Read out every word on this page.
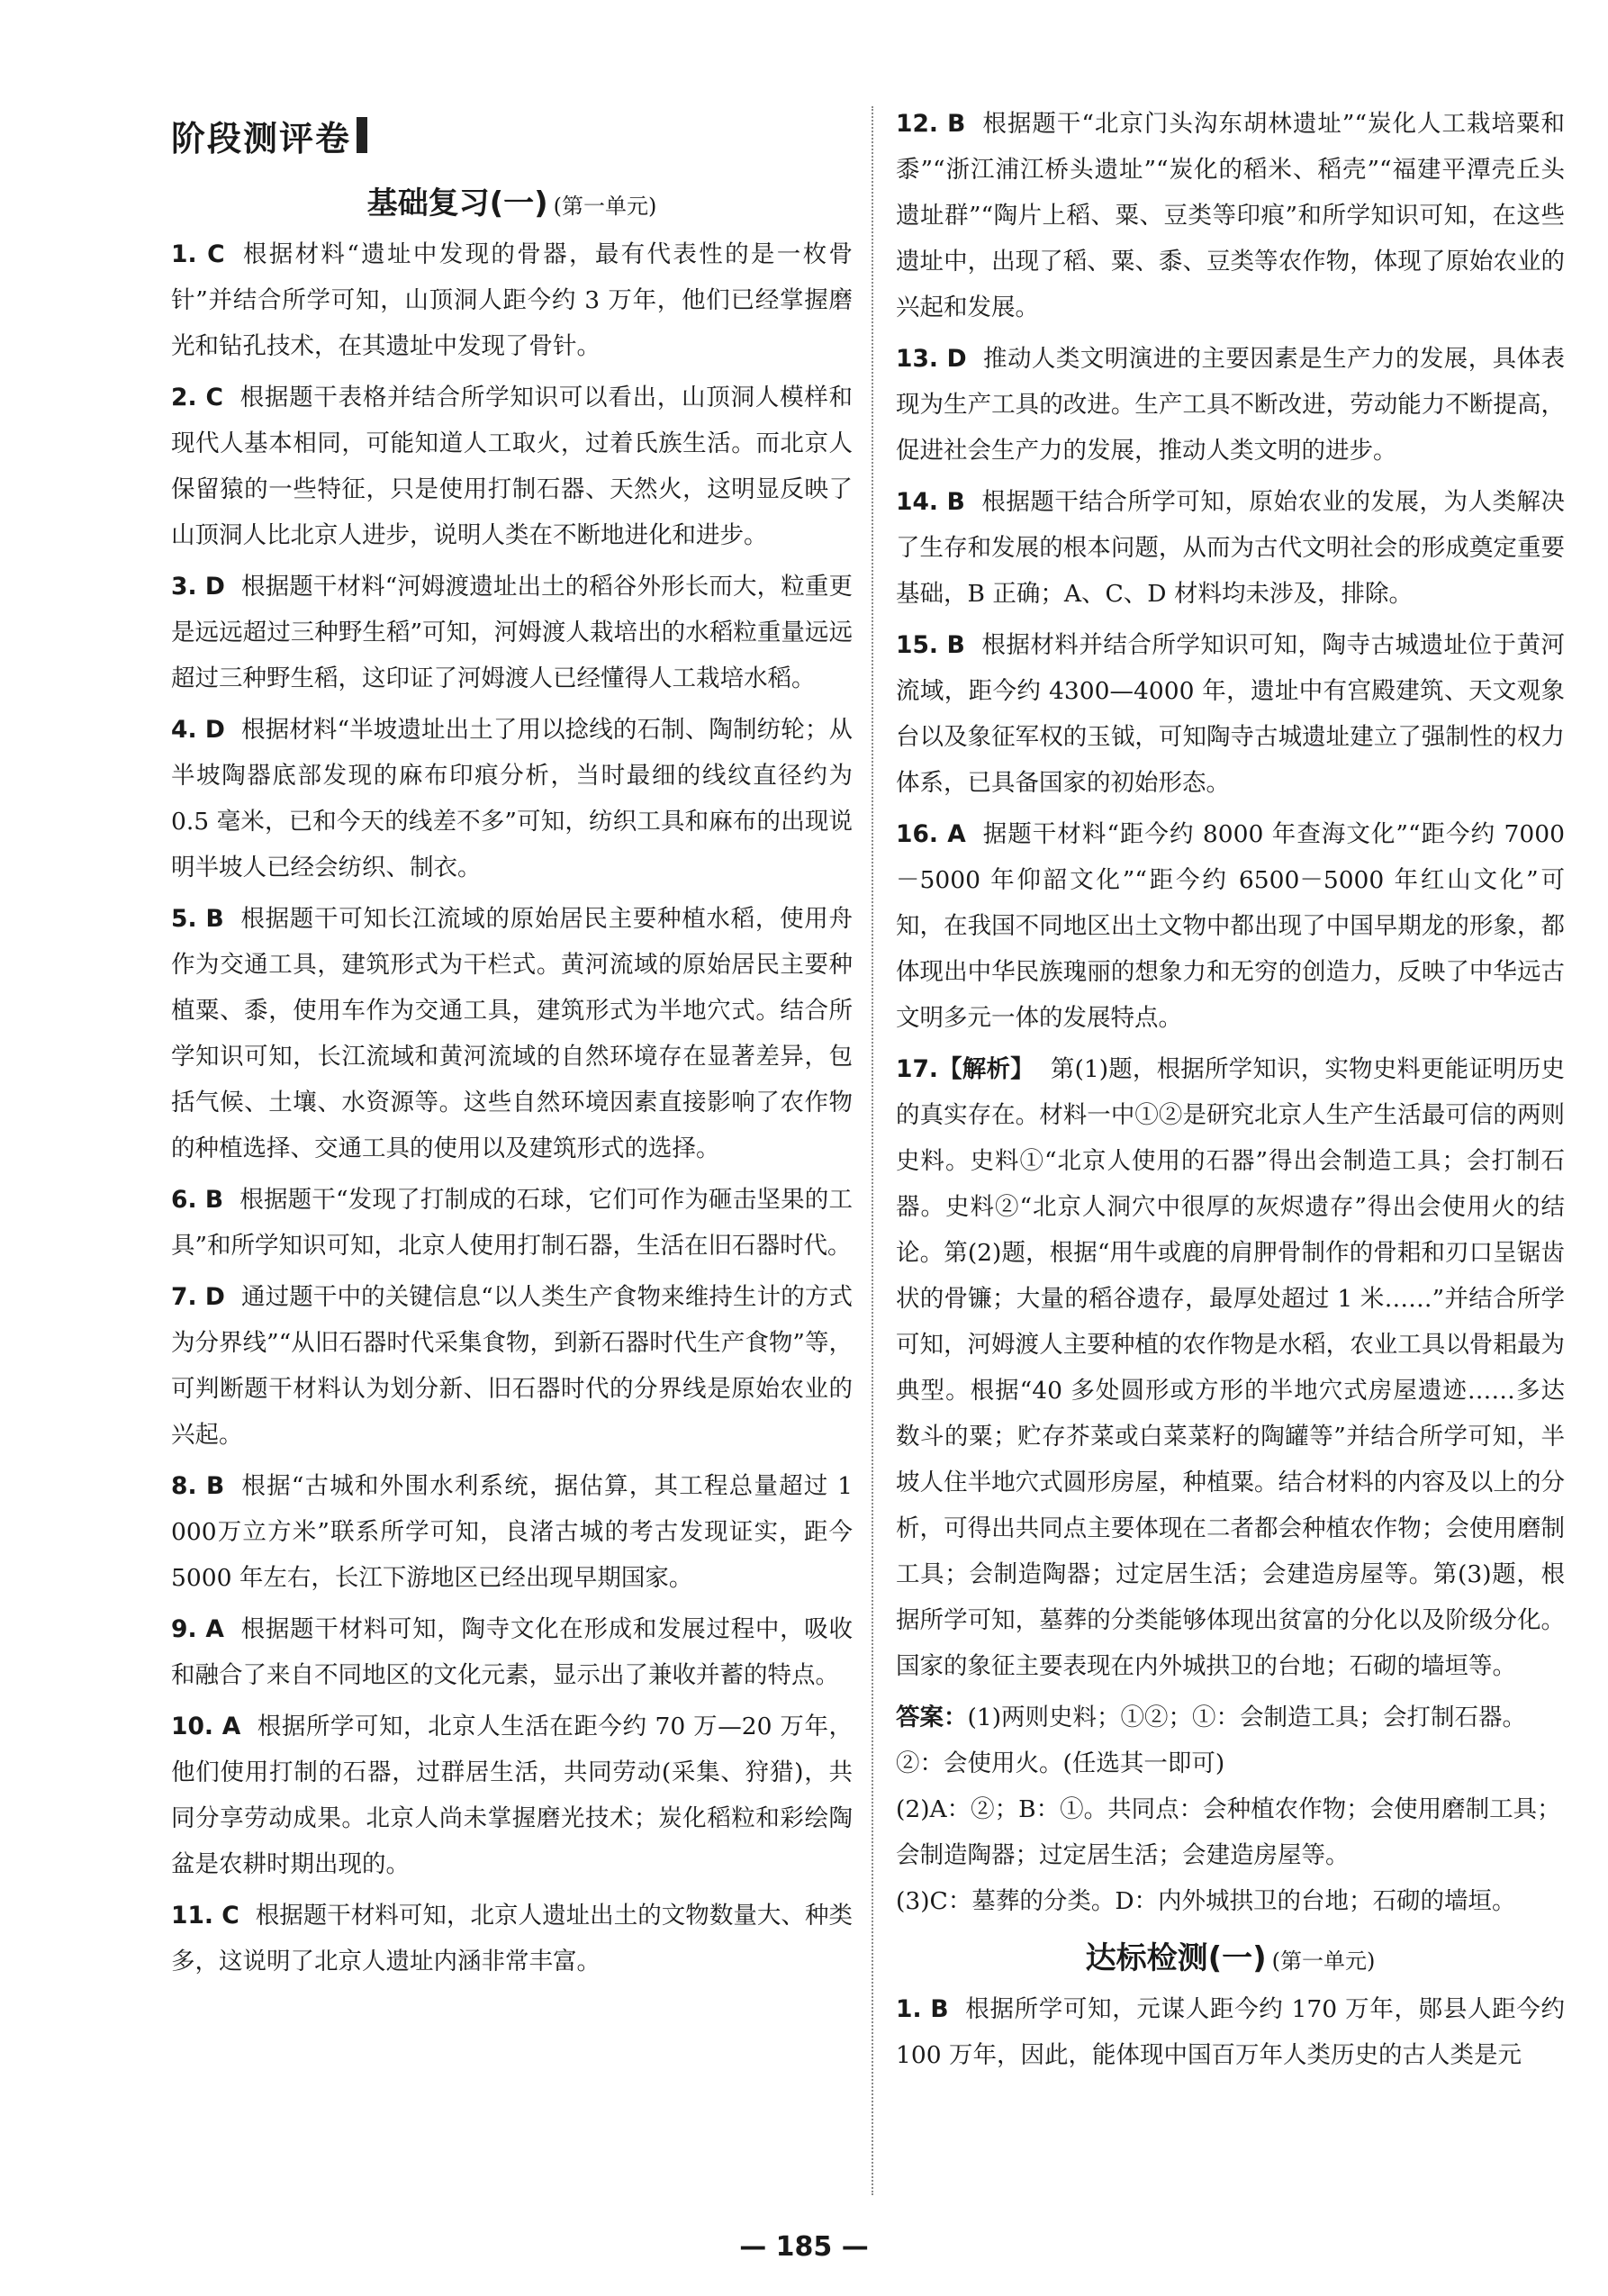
阶段测评卷
基础复习(一) (第一单元)

1. C 根据材料“遗址中发现的骨器，最有代表性的是一枚骨针”并结合所学可知，山顶洞人距今约 3 万年，他们已经掌握磨光和钻孔技术，在其遗址中发现了骨针。

2. C 根据题干表格并结合所学知识可以看出，山顶洞人模样和现代人基本相同，可能知道人工取火，过着氏族生活。而北京人保留猿的一些特征，只是使用打制石器、天然火，这明显反映了山顶洞人比北京人进步，说明人类在不断地进化和进步。

3. D 根据题干材料“河姆渡遗址出土的稻谷外形长而大，粒重更是远远超过三种野生稻”可知，河姆渡人栽培出的水稻粒重量远远超过三种野生稻，这印证了河姆渡人已经懂得人工栽培水稻。

4. D 根据材料“半坡遗址出土了用以捻线的石制、陶制纺轮；从半坡陶器底部发现的麻布印痕分析，当时最细的线纹直径约为 0.5 毫米，已和今天的线差不多”可知，纺织工具和麻布的出现说明半坡人已经会纺织、制衣。

5. B 根据题干可知长江流域的原始居民主要种植水稻，使用舟作为交通工具，建筑形式为干栏式。黄河流域的原始居民主要种植粟、黍，使用车作为交通工具，建筑形式为半地穴式。结合所学知识可知，长江流域和黄河流域的自然环境存在显著差异，包括气候、土壤、水资源等。这些自然环境因素直接影响了农作物的种植选择、交通工具的使用以及建筑形式的选择。

6. B 根据题干“发现了打制成的石球，它们可作为砸击坚果的工具”和所学知识可知，北京人使用打制石器，生活在旧石器时代。

7. D 通过题干中的关键信息“以人类生产食物来维持生计的方式为分界线”“从旧石器时代采集食物，到新石器时代生产食物”等，可判断题干材料认为划分新、旧石器时代的分界线是原始农业的兴起。

8. B 根据“古城和外围水利系统，据估算，其工程总量超过 1 000万立方米”联系所学可知，良渚古城的考古发现证实，距今 5000 年左右，长江下游地区已经出现早期国家。

9. A 根据题干材料可知，陶寺文化在形成和发展过程中，吸收和融合了来自不同地区的文化元素，显示出了兼收并蓄的特点。

10. A 根据所学可知，北京人生活在距今约 70 万—20 万年，他们使用打制的石器，过群居生活，共同劳动(采集、狩猎)，共同分享劳动成果。北京人尚未掌握磨光技术；炭化稻粒和彩绘陶盆是农耕时期出现的。

11. C 根据题干材料可知，北京人遗址出土的文物数量大、种类多，这说明了北京人遗址内涵非常丰富。

12. B 根据题干“北京门头沟东胡林遗址”“炭化人工栽培粟和黍”“浙江浦江桥头遗址”“炭化的稻米、稻壳”“福建平潭壳丘头遗址群”“陶片上稻、粟、豆类等印痕”和所学知识可知，在这些遗址中，出现了稻、粟、黍、豆类等农作物，体现了原始农业的兴起和发展。

13. D 推动人类文明演进的主要因素是生产力的发展，具体表现为生产工具的改进。生产工具不断改进，劳动能力不断提高，促进社会生产力的发展，推动人类文明的进步。

14. B 根据题干结合所学可知，原始农业的发展，为人类解决了生存和发展的根本问题，从而为古代文明社会的形成奠定重要基础，B 正确；A、C、D 材料均未涉及，排除。

15. B 根据材料并结合所学知识可知，陶寺古城遗址位于黄河流域，距今约 4300—4000 年，遗址中有宫殿建筑、天文观象台以及象征军权的玉钺，可知陶寺古城遗址建立了强制性的权力体系，已具备国家的初始形态。

16. A 据题干材料“距今约 8000 年查海文化”“距今约 7000－5000 年仰韶文化”“距今约 6500－5000 年红山文化”可知，在我国不同地区出土文物中都出现了中国早期龙的形象，都体现出中华民族瑰丽的想象力和无穷的创造力，反映了中华远古文明多元一体的发展特点。

17.【解析】 第(1)题，根据所学知识，实物史料更能证明历史的真实存在。材料一中①②是研究北京人生产生活最可信的两则史料。史料①“北京人使用的石器”得出会制造工具；会打制石器。史料②“北京人洞穴中很厚的灰烬遗存”得出会使用火的结论。第(2)题，根据“用牛或鹿的肩胛骨制作的骨耜和刃口呈锯齿状的骨镰；大量的稻谷遗存，最厚处超过 1 米……”并结合所学可知，河姆渡人主要种植的农作物是水稻，农业工具以骨耜最为典型。根据“40 多处圆形或方形的半地穴式房屋遗迹……多达数斗的粟；贮存芥菜或白菜菜籽的陶罐等”并结合所学可知，半坡人住半地穴式圆形房屋，种植粟。结合材料的内容及以上的分析，可得出共同点主要体现在二者都会种植农作物；会使用磨制工具；会制造陶器；过定居生活；会建造房屋等。第(3)题，根据所学可知，墓葬的分类能够体现出贫富的分化以及阶级分化。国家的象征主要表现在内外城拱卫的台地；石砌的墙垣等。

答案：(1)两则史料；①②；①：会制造工具；会打制石器。②：会使用火。(任选其一即可)

(2)A：②；B：①。共同点：会种植农作物；会使用磨制工具；会制造陶器；过定居生活；会建造房屋等。

(3)C：墓葬的分类。D：内外城拱卫的台地；石砌的墙垣。

达标检测(一) (第一单元)

1. B 根据所学可知，元谋人距今约 170 万年，郧县人距今约 100 万年，因此，能体现中国百万年人类历史的古人类是元

— 185 —
